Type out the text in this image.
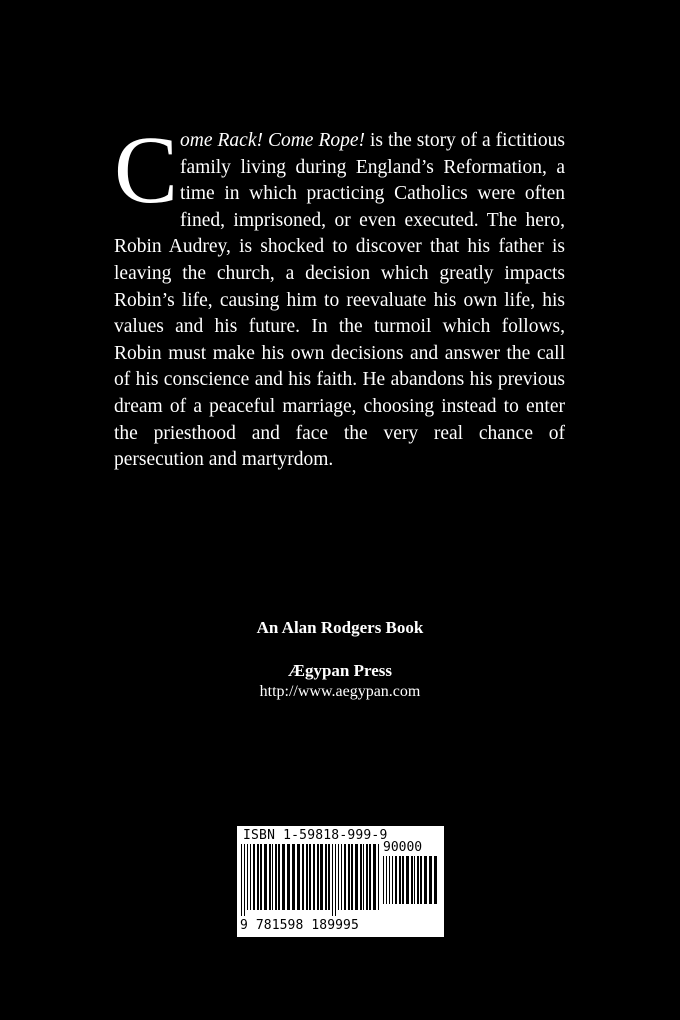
Come Rack! Come Rope! is the story of a fictitious family living during England’s Reformation, a time in which practicing Catholics were often fined, imprisoned, or even executed. The hero, Robin Audrey, is shocked to discover that his father is leaving the church, a decision which greatly impacts Robin’s life, causing him to reevaluate his own life, his values and his future. In the turmoil which follows, Robin must make his own decisions and answer the call of his conscience and his faith. He abandons his previous dream of a peaceful marriage, choosing instead to enter the priesthood and face the very real chance of persecution and martyrdom.

An Alan Rodgers Book
Ægypan Press
http://www.aegypan.com
ISBN 1-59818-999-9
90000
9 781598 189995
